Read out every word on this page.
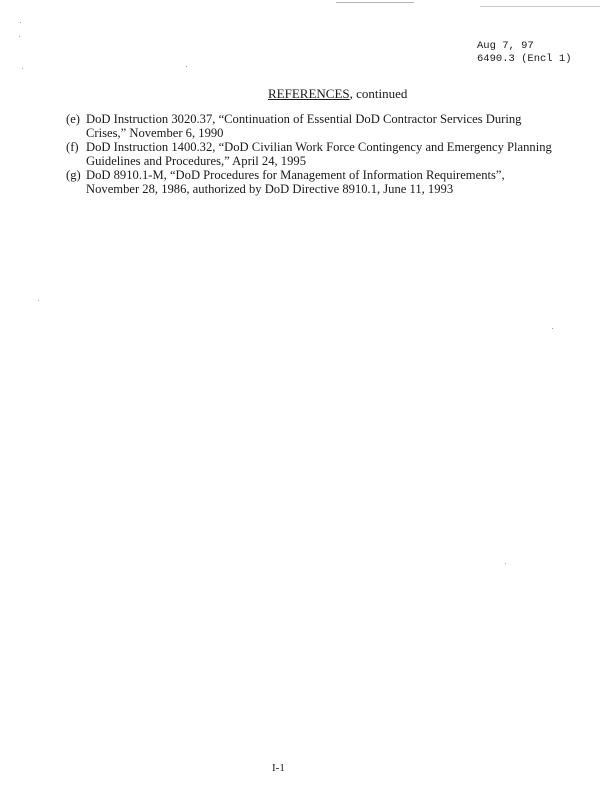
Aug 7, 97
6490.3 (Encl 1)
REFERENCES, continued
(e) DoD Instruction 3020.37, “Continuation of Essential DoD Contractor Services During
Crises,” November 6, 1990
(f) DoD Instruction 1400.32, “DoD Civilian Work Force Contingency and Emergency Planning
Guidelines and Procedures,” April 24, 1995
(g) DoD 8910.1-M, “DoD Procedures for Management of Information Requirements”,
November 28, 1986, authorized by DoD Directive 8910.1, June 11, 1993
I-1
